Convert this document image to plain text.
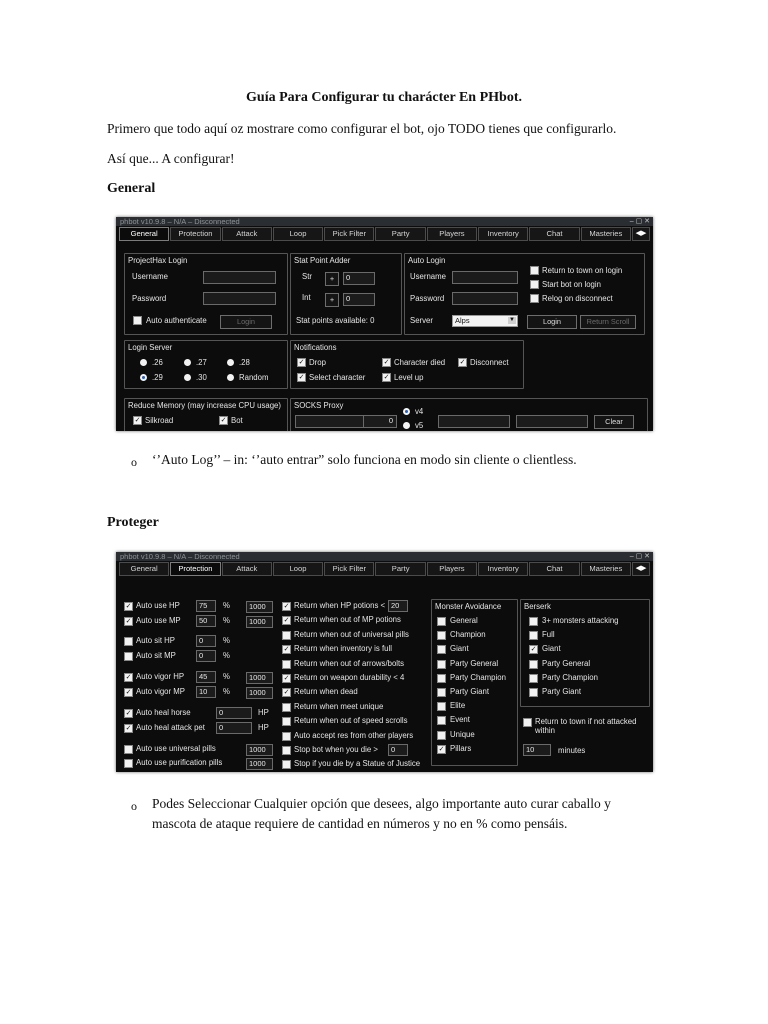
Guía Para Configurar tu charácter En PHbot.
Primero que todo aquí oz mostrare como configurar el bot, ojo TODO tienes que configurarlo.
Así que... A configurar!
General
phbot v10.9.8 – N/A – Disconnected	– ▢ ✕
General	Protection	Attack	Loop	Pick Filter	Party	Players	Inventory	Chat	Masteries	◀▶
ProjectHax Login
Username
Password
Auto authenticate	Login
Stat Point Adder
Str	+	0
Int	+	0
Stat points available: 0
Auto Login
Username
Password
Server	Alps	▼	Login	Return Scroll
Return to town on login
Start bot on login
Relog on disconnect
Login Server
.26	.27	.28
.29	.30	Random
Notifications
✓ Drop	✓ Character died ✓ Disconnect
✓ Select character	✓ Level up
Reduce Memory (may increase CPU usage)
✓ Silkroad	✓ Bot
SOCKS Proxy
0
v4
v5	Clear
o ‘’Auto Log’’ – in: ‘’auto entrar” solo funciona en modo sin cliente o clientless.
Proteger
phbot v10.9.8 – N/A – Disconnected	– ▢ ✕
General	Protection	Attack	Loop	Pick Filter	Party	Players	Inventory	Chat	Masteries	◀▶
Monster Avoidance	Berserk
Return to town if not attacked
within
10	minutes
✓ Auto use HP	75	%	1000
✓ Auto use MP	50	%	1000
Auto sit HP	0	%
Auto sit MP	0	%
✓ Auto vigor HP	45	%	1000
✓ Auto vigor MP	10	%	1000
✓ Auto heal horse	0	HP
✓ Auto heal attack pet	0	HP
Auto use universal pills	1000
Auto use purification pills	1000
✓ Return when HP potions < 20
✓ Return when out of MP potions
Return when out of universal pills
✓ Return when inventory is full
Return when out of arrows/bolts
✓ Return on weapon durability < 4
✓ Return when dead
Return when meet unique
Return when out of speed scrolls
Auto accept res from other players
Stop bot when you die >	0
Stop if you die by a Statue of Justice
General
Champion
Giant
Party General
Party Champion
Party Giant
Elite
Event
Unique
✓ Pillars
3+ monsters attacking
Full
✓ Giant
Party General
Party Champion
Party Giant
o Podes Seleccionar Cualquier opción que desees, algo importante auto curar caballo y
mascota de ataque requiere de cantidad en números y no en % como pensáis.
